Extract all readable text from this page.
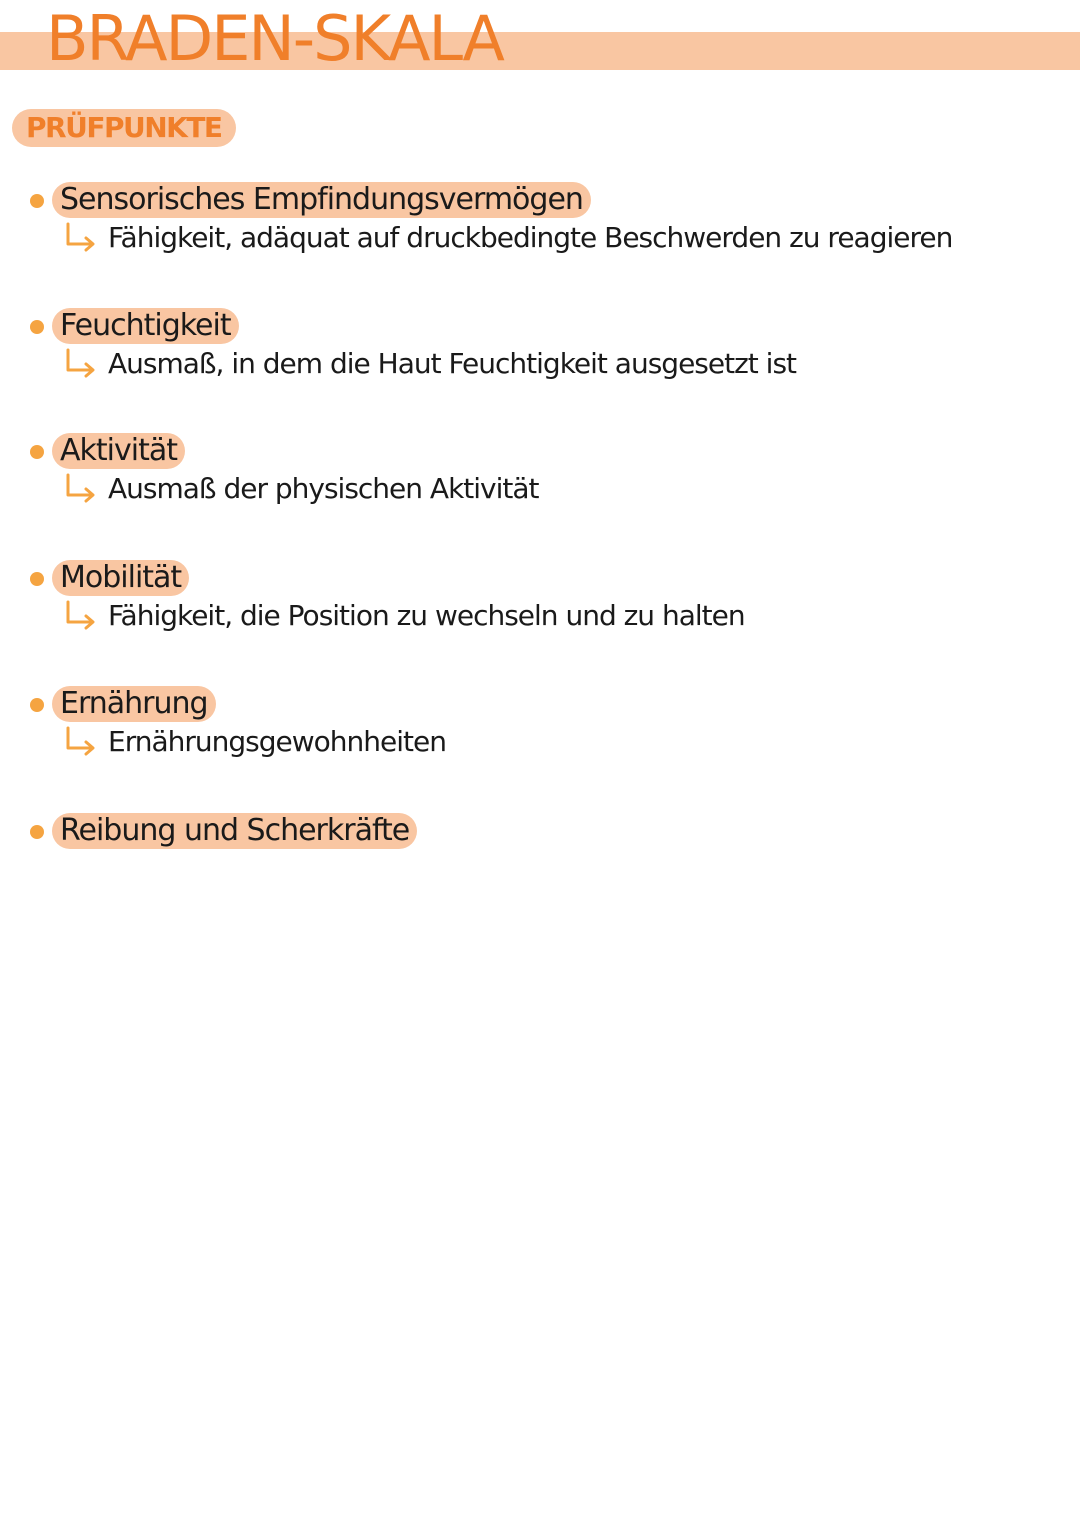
BRADEN-SKALA
PRÜFPUNKTE
Sensorisches Empfindungsvermögen
Fähigkeit, adäquat auf druckbedingte Beschwerden zu reagieren
Feuchtigkeit
Ausmaß, in dem die Haut Feuchtigkeit ausgesetzt ist
Aktivität
Ausmaß der physischen Aktivität
Mobilität
Fähigkeit, die Position zu wechseln und zu halten
Ernährung
Ernährungsgewohnheiten
Reibung und Scherkräfte
